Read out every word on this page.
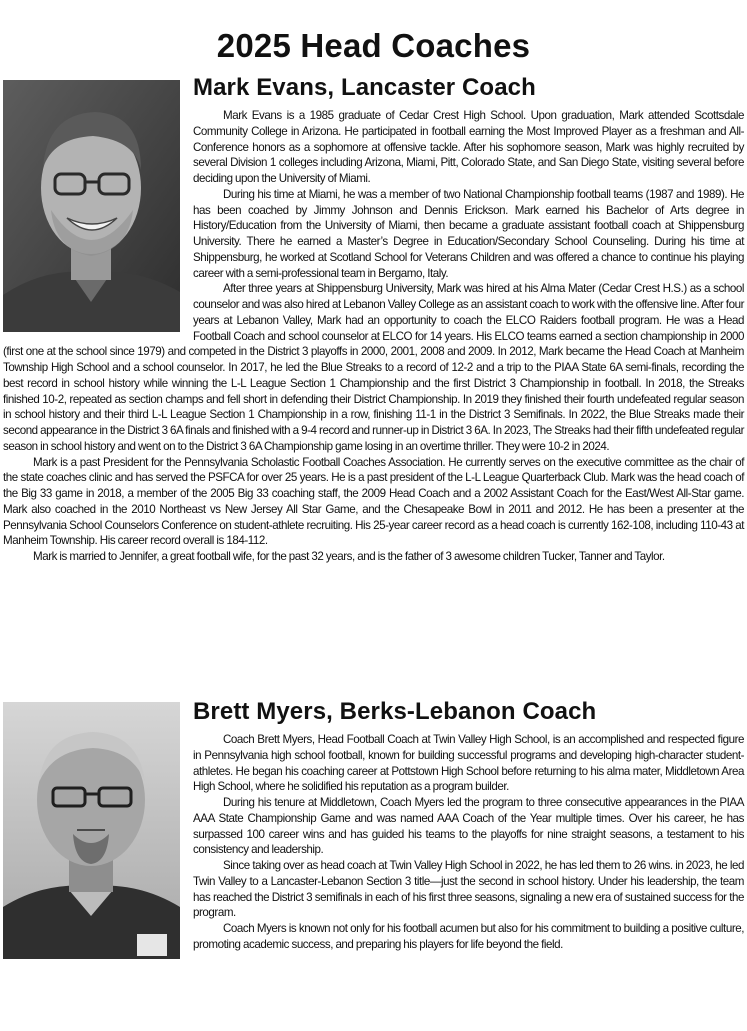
2025 Head Coaches
Mark Evans, Lancaster Coach

Mark Evans is a 1985 graduate of Cedar Crest High School. Upon graduation, Mark attended Scottsdale Community College in Arizona. He participated in football earning the Most Improved Player as a freshman and All-Conference honors as a sophomore at offensive tackle. After his sophomore season, Mark was highly recruited by several Division 1 colleges including Arizona, Miami, Pitt, Colorado State, and San Diego State, visiting several before deciding upon the University of Miami.

During his time at Miami, he was a member of two National Championship football teams (1987 and 1989). He has been coached by Jimmy Johnson and Dennis Erickson. Mark earned his Bachelor of Arts degree in History/Education from the University of Miami, then became a graduate assistant football coach at Shippensburg University. There he earned a Master’s Degree in Education/Secondary School Counseling. During his time at Shippensburg, he worked at Scotland School for Veterans Children and was offered a chance to continue his playing career with a semi-professional team in Bergamo, Italy.

After three years at Shippensburg University, Mark was hired at his Alma Mater (Cedar Crest H.S.) as a school counselor and was also hired at Lebanon Valley College as an assistant coach to work with the offensive line. After four years at Lebanon Valley, Mark had an opportunity to coach the ELCO Raiders football program. He was a Head Football Coach and school counselor at ELCO for 14 years. His ELCO teams earned a section championship in 2000 (first one at the school since 1979) and competed in the District 3 playoffs in 2000, 2001, 2008 and 2009. In 2012, Mark became the Head Coach at Manheim Township High School and a school counselor. In 2017, he led the Blue Streaks to a record of 12-2 and a trip to the PIAA State 6A semi-finals, recording the best record in school history while winning the L-L League Section 1 Championship and the first District 3 Championship in football. In 2018, the Streaks finished 10-2, repeated as section champs and fell short in defending their District Championship. In 2019 they finished their fourth undefeated regular season in school history and their third L-L League Section 1 Championship in a row, finishing 11-1 in the District 3 Semifinals. In 2022, the Blue Streaks made their second appearance in the District 3 6A finals and finished with a 9-4 record and runner-up in District 3 6A. In 2023, The Streaks had their fifth undefeated regular season in school history and went on to the District 3 6A Championship game losing in an overtime thriller. They were 10-2 in 2024.

Mark is a past President for the Pennsylvania Scholastic Football Coaches Association. He currently serves on the executive committee as the chair of the state coaches clinic and has served the PSFCA for over 25 years. He is a past president of the L-L League Quarterback Club. Mark was the head coach of the Big 33 game in 2018, a member of the 2005 Big 33 coaching staff, the 2009 Head Coach and a 2002 Assistant Coach for the East/West All-Star game. Mark also coached in the 2010 Northeast vs New Jersey All Star Game, and the Chesapeake Bowl in 2011 and 2012. He has been a presenter at the Pennsylvania School Counselors Conference on student-athlete recruiting. His 25-year career record as a head coach is currently 162-108, including 110-43 at Manheim Township. His career record overall is 184-112.

Mark is married to Jennifer, a great football wife, for the past 32 years, and is the father of 3 awesome children Tucker, Tanner and Taylor.

Brett Myers, Berks-Lebanon Coach

Coach Brett Myers, Head Football Coach at Twin Valley High School, is an accomplished and respected figure in Pennsylvania high school football, known for building successful programs and developing high-character student-athletes. He began his coaching career at Pottstown High School before returning to his alma mater, Middletown Area High School, where he solidified his reputation as a program builder.

During his tenure at Middletown, Coach Myers led the program to three consecutive appearances in the PIAA AAA State Championship Game and was named AAA Coach of the Year multiple times. Over his career, he has surpassed 100 career wins and has guided his teams to the playoffs for nine straight seasons, a testament to his consistency and leadership.

Since taking over as head coach at Twin Valley High School in 2022, he has led them to 26 wins. in 2023, he led Twin Valley to a Lancaster-Lebanon Section 3 title—just the second in school history. Under his leadership, the team has reached the District 3 semifinals in each of his first three seasons, signaling a new era of sustained success for the program.

Coach Myers is known not only for his football acumen but also for his commitment to building a positive culture, promoting academic success, and preparing his players for life beyond the field.
